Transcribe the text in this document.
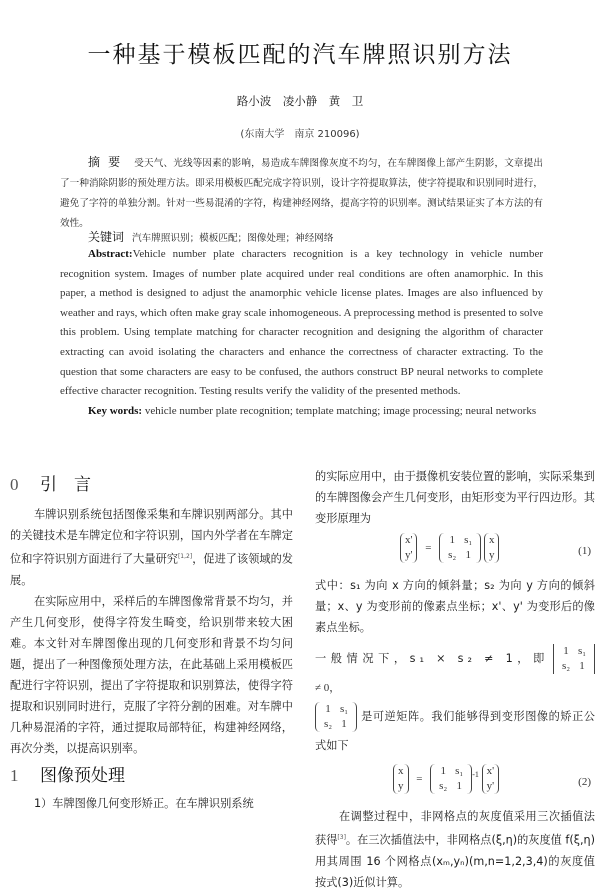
一种基于模板匹配的汽车牌照识别方法
路小波　凌小静　黄　卫
(东南大学　南京 210096)
摘要 受天气、光线等因素的影响，易造成车牌图像灰度不均匀，在车牌图像上部产生阴影，文章提出了一种消除阴影的预处理方法。即采用模板匹配完成字符识别，设计字符提取算法，使字符提取和识别同时进行，避免了字符的单独分割。针对一些易混淆的字符，构建神经网络，提高字符的识别率。测试结果证实了本方法的有效性。
关键词 汽车牌照识别；模板匹配；图像处理；神经网络
Abstract:Vehicle number plate characters recognition is a key technology in vehicle number recognition system. Images of number plate acquired under real conditions are often anamorphic. In this paper, a method is designed to adjust the anamorphic vehicle license plates. Images are also influenced by weather and rays, which often make gray scale inhomogeneous. A preprocessing method is presented to solve this problem. Using template matching for character recognition and designing the algorithm of character extracting can avoid isolating the characters and enhance the correctness of character extracting. To the question that some characters are easy to be confused, the authors construct BP neural networks to complete effective character recognition. Testing results verify the validity of the presented methods.
Key words: vehicle number plate recognition; template matching; image processing; neural networks
0 引　言
车牌识别系统包括图像采集和车牌识别两部分。其中的关键技术是车牌定位和字符识别，国内外学者在车牌定位和字符识别方面进行了大量研究[1,2]，促进了该领域的发展。
在实际应用中，采样后的车牌图像常背景不均匀，并产生几何变形，使得字符发生畸变，给识别带来较大困难。本文针对车牌图像出现的几何变形和背景不均匀问题，提出了一种图像预处理方法，在此基础上采用模板匹配进行字符识别，提出了字符提取和识别算法，使得字符提取和识别同时进行，克服了字符分割的困难。对车牌中几种易混淆的字符，通过提取局部特征，构建神经网络，再次分类，以提高识别率。
1 图像预处理
1）车牌图像几何变形矫正。在车牌识别系统
的实际应用中，由于摄像机安装位置的影响，实际采集到的车牌图像会产生几何变形，由矩形变为平行四边形。其变形原理为
x'
y'
=
1 s₁
s₂ 1

x
y	(1)
式中：s₁ 为向 x 方向的倾斜量；s₂ 为向 y 方向的倾斜量；x、y 为变形前的像素点坐标；x'、y' 为变形后的像素点坐标。
一般情况下，s₁ × s₂ ≠ 1，即
1 s₁
s₂ 1
≠ 0，
1 s₁
s₂ 1
是可逆矩阵。我们能够得到变形图像的矫正公式如下
x
y
=
1 s₁
s₂ 1
$^{-1}$ x'
y'	(2)
在调整过程中，非网格点的灰度值采用三次插值法获得[3]。在三次插值法中，非网格点(ξ,η)的灰度值 f(ξ,η)用其周围 16 个网格点(xₘ,yₙ)(m,n=1,2,3,4)的灰度值按式(3)近似计算。
